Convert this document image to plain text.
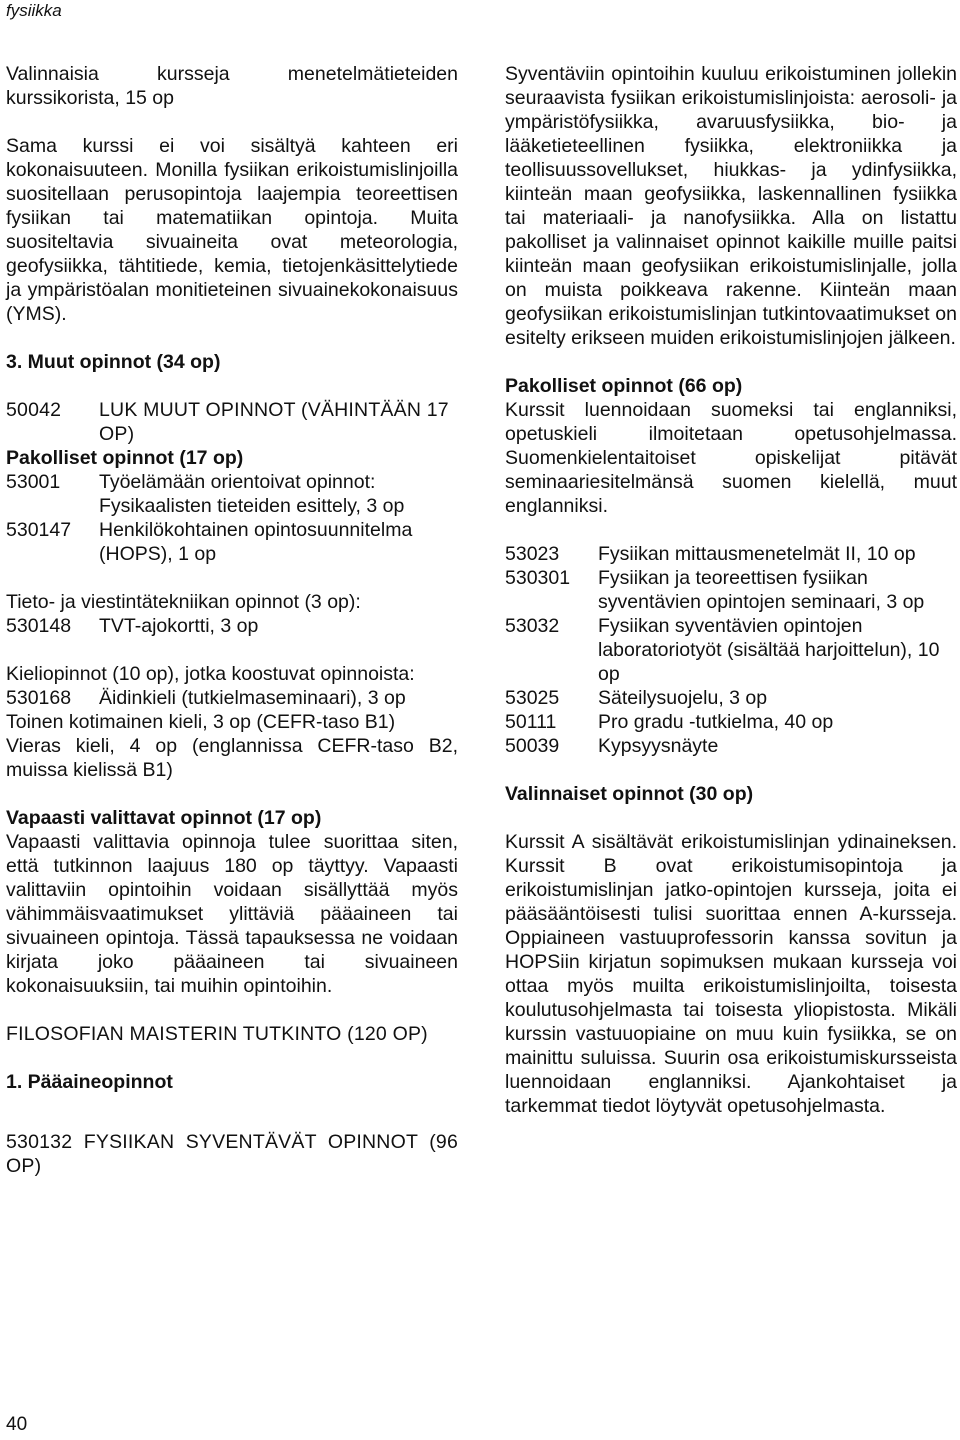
fysiikka

Valinnaisia kursseja menetelmätieteiden kurssikorista, 15 op

Sama kurssi ei voi sisältyä kahteen eri kokonaisuuteen. Monilla fysiikan erikoistumislinjoilla suositellaan perusopintoja laajempia teoreettisen fysiikan tai matematiikan opintoja. Muita suositeltavia sivuaineita ovat meteorologia, geofysiikka, tähtitiede, kemia, tietojenkäsittelytiede ja ympäristöalan monitieteinen sivuainekokonaisuus (YMS).

3. Muut opinnot (34 op)

50042	LUK MUUT OPINNOT (VÄHINTÄÄN 17 OP)

Pakolliset opinnot (17 op)

53001	Työelämään orientoivat opinnot: Fysikaalisten tieteiden esittely, 3 op
530147	Henkilökohtainen opintosuunnitelma (HOPS), 1 op

Tieto- ja viestintätekniikan opinnot (3 op):

530148	TVT-ajokortti, 3 op

Kieliopinnot (10 op), jotka koostuvat opinnoista:

530168	Äidinkieli (tutkielmaseminaari), 3 op

Toinen kotimainen kieli, 3 op (CEFR-taso B1)

Vieras kieli, 4 op (englannissa CEFR-taso B2, muissa kielissä B1)

Vapaasti valittavat opinnot (17 op)

Vapaasti valittavia opinnoja tulee suorittaa siten, että tutkinnon laajuus 180 op täyttyy. Vapaasti valittaviin opintoihin voidaan sisällyttää myös vähimmäisvaatimukset ylittäviä pääaineen tai sivuaineen opintoja. Tässä tapauksessa ne voidaan kirjata joko pääaineen tai sivuaineen kokonaisuuksiin, tai muihin opintoihin.

FILOSOFIAN MAISTERIN TUTKINTO (120 OP)

1. Pääaineopinnot

530132 FYSIIKAN SYVENTÄVÄT OPINNOT (96 OP)

Syventäviin opintoihin kuuluu erikoistuminen jollekin seuraavista fysiikan erikoistumislinjoista: aerosoli- ja ympäristöfysiikka, avaruusfysiikka, bio- ja lääketieteellinen fysiikka, elektroniikka ja teollisuussovellukset, hiukkas- ja ydinfysiikka, kiinteän maan geofysiikka, laskennallinen fysiikka tai materiaali- ja nanofysiikka. Alla on listattu pakolliset ja valinnaiset opinnot kaikille muille paitsi kiinteän maan geofysiikan erikoistumislinjalle, jolla on muista poikkeava rakenne. Kiinteän maan geofysiikan erikoistumislinjan tutkintovaatimukset on esitelty erikseen muiden erikoistumislinjojen jälkeen.

Pakolliset opinnot (66 op)

Kurssit luennoidaan suomeksi tai englanniksi, opetuskieli ilmoitetaan opetusohjelmassa. Suomenkielentaitoiset opiskelijat pitävät seminaariesitelmänsä suomen kielellä, muut englanniksi.

53023	Fysiikan mittausmenetelmät II, 10 op
530301	Fysiikan ja teoreettisen fysiikan syventävien opintojen seminaari, 3 op
53032	Fysiikan syventävien opintojen laboratoriotyöt (sisältää harjoittelun), 10 op
53025	Säteilysuojelu, 3 op
50111	Pro gradu -tutkielma, 40 op
50039	Kypsyysnäyte

Valinnaiset opinnot (30 op)

Kurssit A sisältävät erikoistumislinjan ydinaineksen. Kurssit B ovat erikoistumisopintoja ja erikoistumislinjan jatko-opintojen kursseja, joita ei pääsääntöisesti tulisi suorittaa ennen A-kursseja. Oppiaineen vastuuprofessorin kanssa sovitun ja HOPSiin kirjatun sopimuksen mukaan kursseja voi ottaa myös muilta erikoistumislinjoilta, toisesta koulutusohjelmasta tai toisesta yliopistosta. Mikäli kurssin vastuuopiaine on muu kuin fysiikka, se on mainittu suluissa. Suurin osa erikoistumiskursseista luennoidaan englanniksi. Ajankohtaiset ja tarkemmat tiedot löytyvät opetusohjelmasta.

40
